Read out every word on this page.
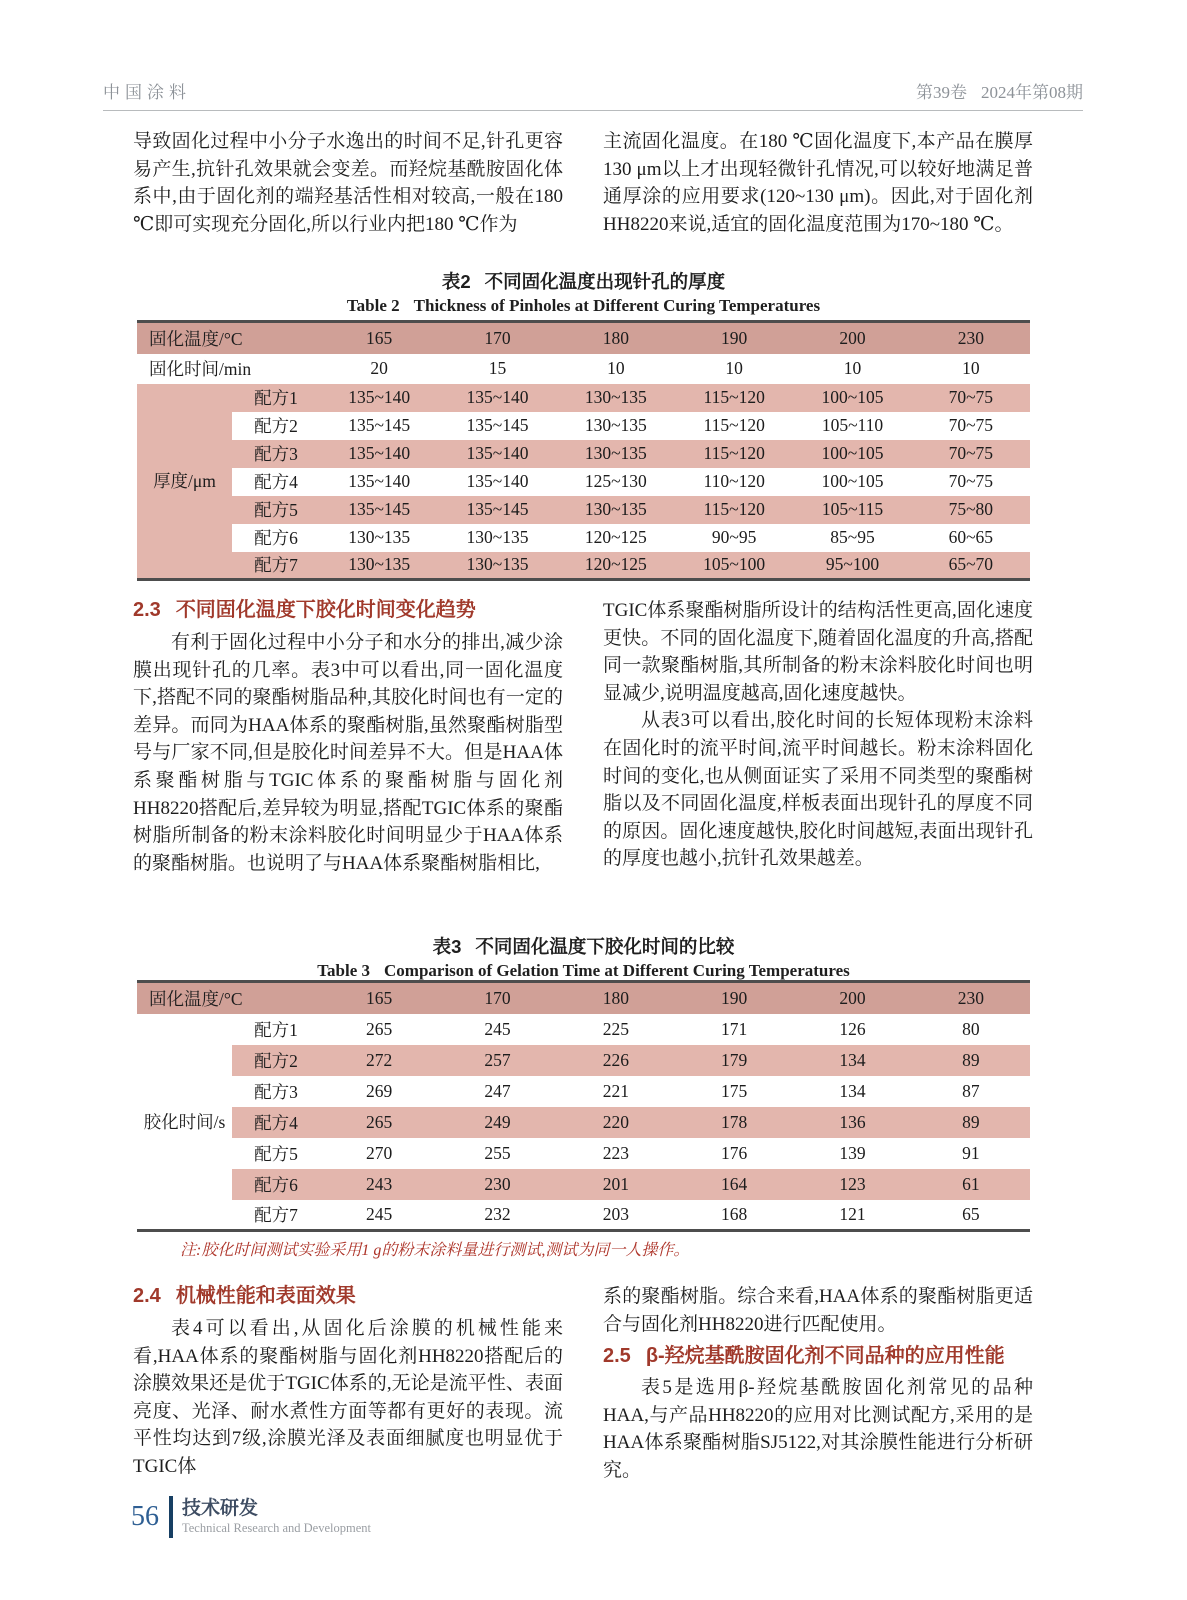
中国涂料	第39卷 2024年第08期

导致固化过程中小分子水逸出的时间不足,针孔更容易产生,抗针孔效果就会变差。而羟烷基酰胺固化体系中,由于固化剂的端羟基活性相对较高,一般在180 ℃即可实现充分固化,所以行业内把180 ℃作为

主流固化温度。在180 ℃固化温度下,本产品在膜厚130 μm以上才出现轻微针孔情况,可以较好地满足普通厚涂的应用要求(120~130 μm)。因此,对于固化剂HH8220来说,适宜的固化温度范围为170~180 ℃。

表2 不同固化温度出现针孔的厚度
Table 2 Thickness of Pinholes at Different Curing Temperatures
固化温度/°C		165	170	180	190	200	230
固化时间/min		20	15	10	10	10	10
厚度/μm	配方1	135~140	135~140	130~135	115~120	100~105	70~75
	配方2	135~145	135~145	130~135	115~120	105~110	70~75
	配方3	135~140	135~140	130~135	115~120	100~105	70~75
	配方4	135~140	135~140	125~130	110~120	100~105	70~75
	配方5	135~145	135~145	130~135	115~120	105~115	75~80
	配方6	130~135	130~135	120~125	90~95	85~95	60~65
	配方7	130~135	130~135	120~125	105~100	95~100	65~70
2.3 不同固化温度下胶化时间变化趋势

有利于固化过程中小分子和水分的排出,减少涂膜出现针孔的几率。表3中可以看出,同一固化温度下,搭配不同的聚酯树脂品种,其胶化时间也有一定的差异。而同为HAA体系的聚酯树脂,虽然聚酯树脂型号与厂家不同,但是胶化时间差异不大。但是HAA体系聚酯树脂与TGIC体系的聚酯树脂与固化剂HH8220搭配后,差异较为明显,搭配TGIC体系的聚酯树脂所制备的粉末涂料胶化时间明显少于HAA体系的聚酯树脂。也说明了与HAA体系聚酯树脂相比,

TGIC体系聚酯树脂所设计的结构活性更高,固化速度更快。不同的固化温度下,随着固化温度的升高,搭配同一款聚酯树脂,其所制备的粉末涂料胶化时间也明显减少,说明温度越高,固化速度越快。

从表3可以看出,胶化时间的长短体现粉末涂料在固化时的流平时间,流平时间越长。粉末涂料固化时间的变化,也从侧面证实了采用不同类型的聚酯树脂以及不同固化温度,样板表面出现针孔的厚度不同的原因。固化速度越快,胶化时间越短,表面出现针孔的厚度也越小,抗针孔效果越差。

表3 不同固化温度下胶化时间的比较
Table 3 Comparison of Gelation Time at Different Curing Temperatures
固化温度/°C		165	170	180	190	200	230
胶化时间/s	配方1	265	245	225	171	126	80
	配方2	272	257	226	179	134	89
	配方3	269	247	221	175	134	87
	配方4	265	249	220	178	136	89
	配方5	270	255	223	176	139	91
	配方6	243	230	201	164	123	61
	配方7	245	232	203	168	121	65
注:胶化时间测试实验采用1 g的粉末涂料量进行测试,测试为同一人操作。
2.4 机械性能和表面效果

表4可以看出,从固化后涂膜的机械性能来看,HAA体系的聚酯树脂与固化剂HH8220搭配后的涂膜效果还是优于TGIC体系的,无论是流平性、表面亮度、光泽、耐水煮性方面等都有更好的表现。流平性均达到7级,涂膜光泽及表面细腻度也明显优于TGIC体

系的聚酯树脂。综合来看,HAA体系的聚酯树脂更适合与固化剂HH8220进行匹配使用。

2.5 β-羟烷基酰胺固化剂不同品种的应用性能

表5是选用β-羟烷基酰胺固化剂常见的品种HAA,与产品HH8220的应用对比测试配方,采用的是HAA体系聚酯树脂SJ5122,对其涂膜性能进行分析研究。

56 技术研发
Technical Research and Development
